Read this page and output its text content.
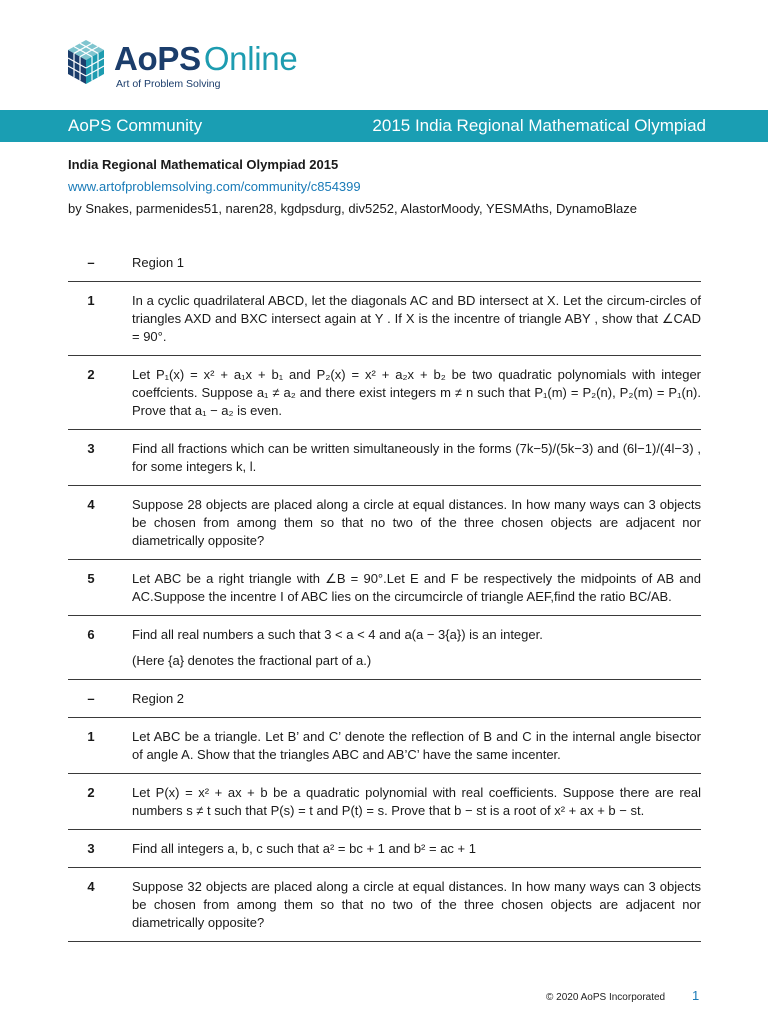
AoPSOnline
Art of Problem Solving
AoPS Community	2015 India Regional Mathematical Olympiad
India Regional Mathematical Olympiad 2015
www.artofproblemsolving.com/community/c854399
by Snakes, parmenides51, naren28, kgdpsdurg, div5252, AlastorMoody, YESMAths, DynamoBlaze
–	Region 1

1	In a cyclic quadrilateral ABCD, let the diagonals AC and BD intersect at X. Let the circum-circles of triangles AXD and BXC intersect again at Y . If X is the incentre of triangle ABY , show that ∠CAD = 90°.

2	Let P₁(x) = x² + a₁x + b₁ and P₂(x) = x² + a₂x + b₂ be two quadratic polynomials with integer coeffcients. Suppose a₁ ≠ a₂ and there exist integers m ≠ n such that P₁(m) = P₂(n), P₂(m) = P₁(n). Prove that a₁ − a₂ is even.

3	Find all fractions which can be written simultaneously in the forms (7k−5)/(5k−3) and (6l−1)/(4l−3) , for some integers k, l.

4	Suppose 28 objects are placed along a circle at equal distances. In how many ways can 3 objects be chosen from among them so that no two of the three chosen objects are adjacent nor diametrically opposite?

5	Let ABC be a right triangle with ∠B = 90°.Let E and F be respectively the midpoints of AB and AC.Suppose the incentre I of ABC lies on the circumcircle of triangle AEF,find the ratio BC/AB.

6	Find all real numbers a such that 3 < a < 4 and a(a − 3{a}) is an integer.

(Here {a} denotes the fractional part of a.)

–	Region 2

1	Let ABC be a triangle. Let B’ and C’ denote the reflection of B and C in the internal angle bisector of angle A. Show that the triangles ABC and AB’C’ have the same incenter.

2	Let P(x) = x² + ax + b be a quadratic polynomial with real coefficients. Suppose there are real numbers s ≠ t such that P(s) = t and P(t) = s. Prove that b − st is a root of x² + ax + b − st.

3	Find all integers a, b, c such that a² = bc + 1 and b² = ac + 1

4	Suppose 32 objects are placed along a circle at equal distances. In how many ways can 3 objects be chosen from among them so that no two of the three chosen objects are adjacent nor diametrically opposite?

© 2020 AoPS Incorporated 1
